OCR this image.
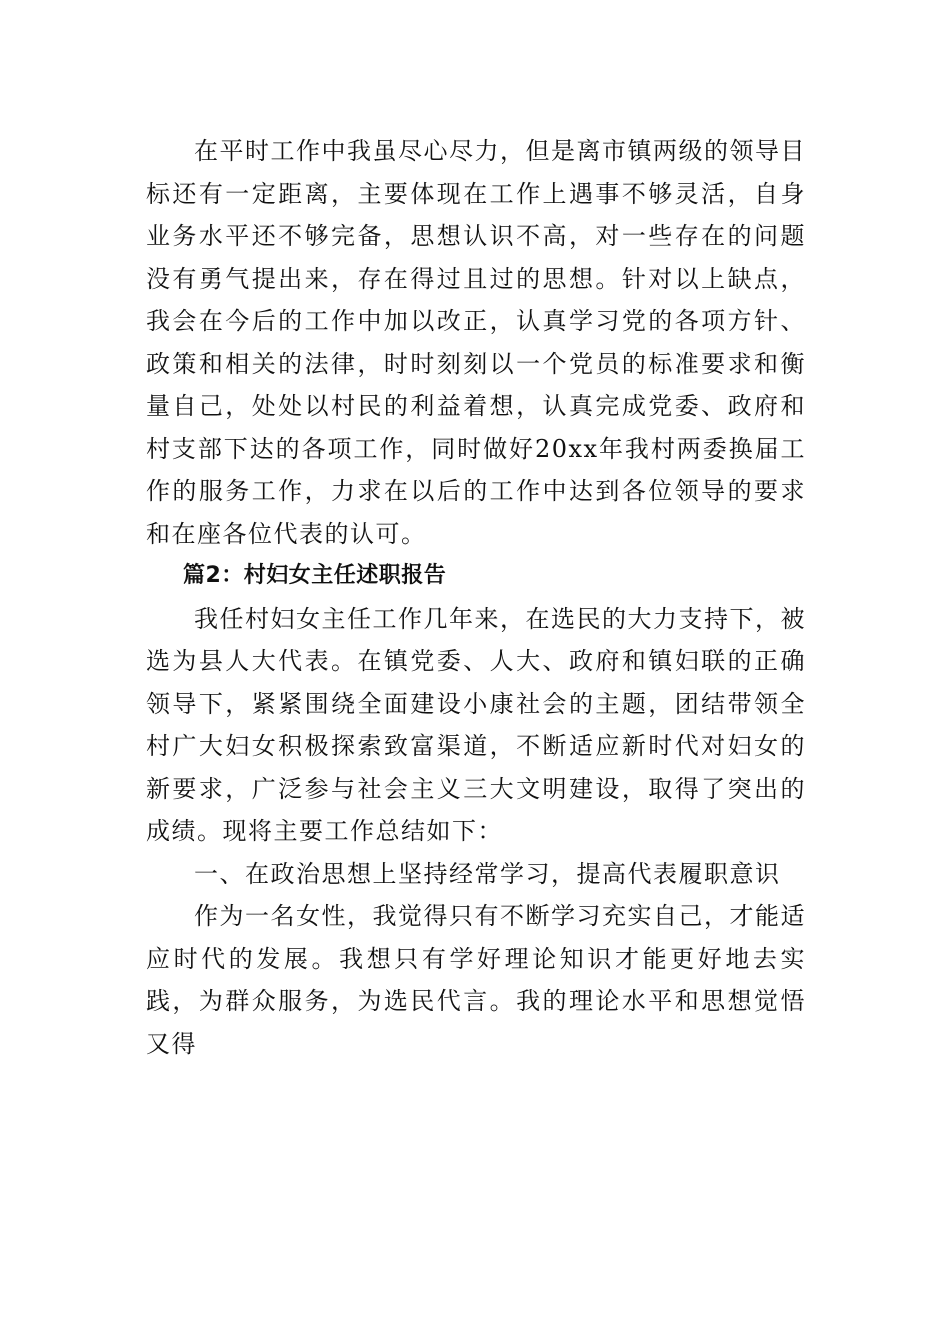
在平时工作中我虽尽心尽力，但是离市镇两级的领导目标还有一定距离，主要体现在工作上遇事不够灵活，自身业务水平还不够完备，思想认识不高，对一些存在的问题没有勇气提出来，存在得过且过的思想。针对以上缺点，我会在今后的工作中加以改正，认真学习党的各项方针、政策和相关的法律，时时刻刻以一个党员的标准要求和衡量自己，处处以村民的利益着想，认真完成党委、政府和村支部下达的各项工作，同时做好20xx年我村两委换届工作的服务工作，力求在以后的工作中达到各位领导的要求和在座各位代表的认可。

篇2：村妇女主任述职报告

我任村妇女主任工作几年来，在选民的大力支持下，被选为县人大代表。在镇党委、人大、政府和镇妇联的正确领导下，紧紧围绕全面建设小康社会的主题，团结带领全村广大妇女积极探索致富渠道，不断适应新时代对妇女的新要求，广泛参与社会主义三大文明建设，取得了突出的成绩。现将主要工作总结如下：

一、在政治思想上坚持经常学习，提高代表履职意识

作为一名女性，我觉得只有不断学习充实自己，才能适应时代的发展。我想只有学好理论知识才能更好地去实践，为群众服务，为选民代言。我的理论水平和思想觉悟又得
